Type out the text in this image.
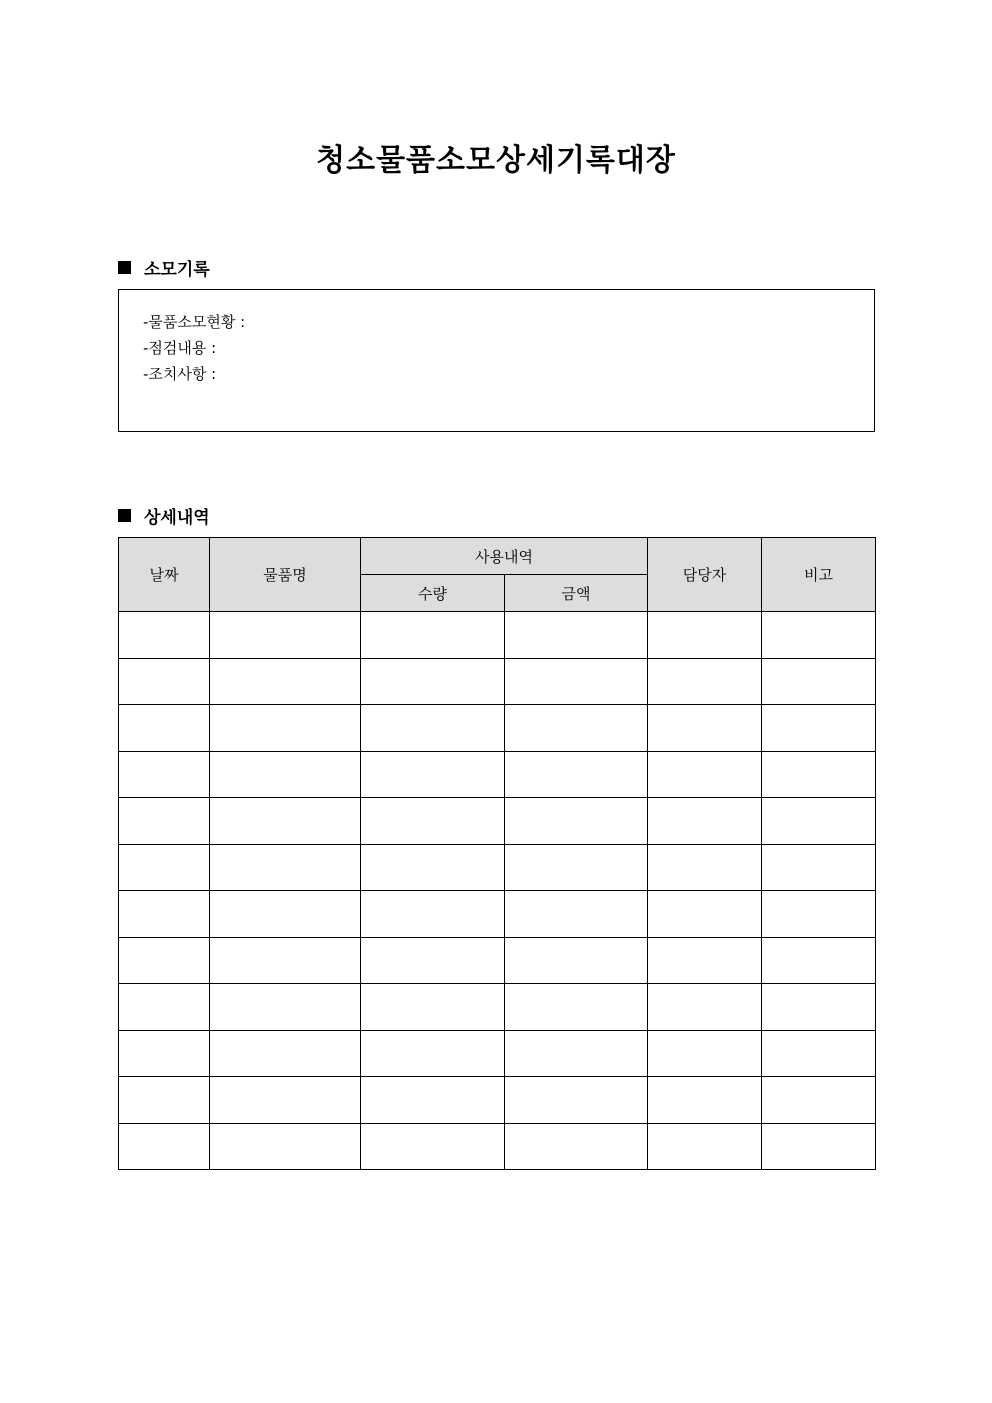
청소물품소모상세기록대장
소모기록
-물품소모현황 :
-점검내용 :
-조치사항 :
상세내역
날짜	물품명	사용내역		담당자	비고
		수량	금액		
